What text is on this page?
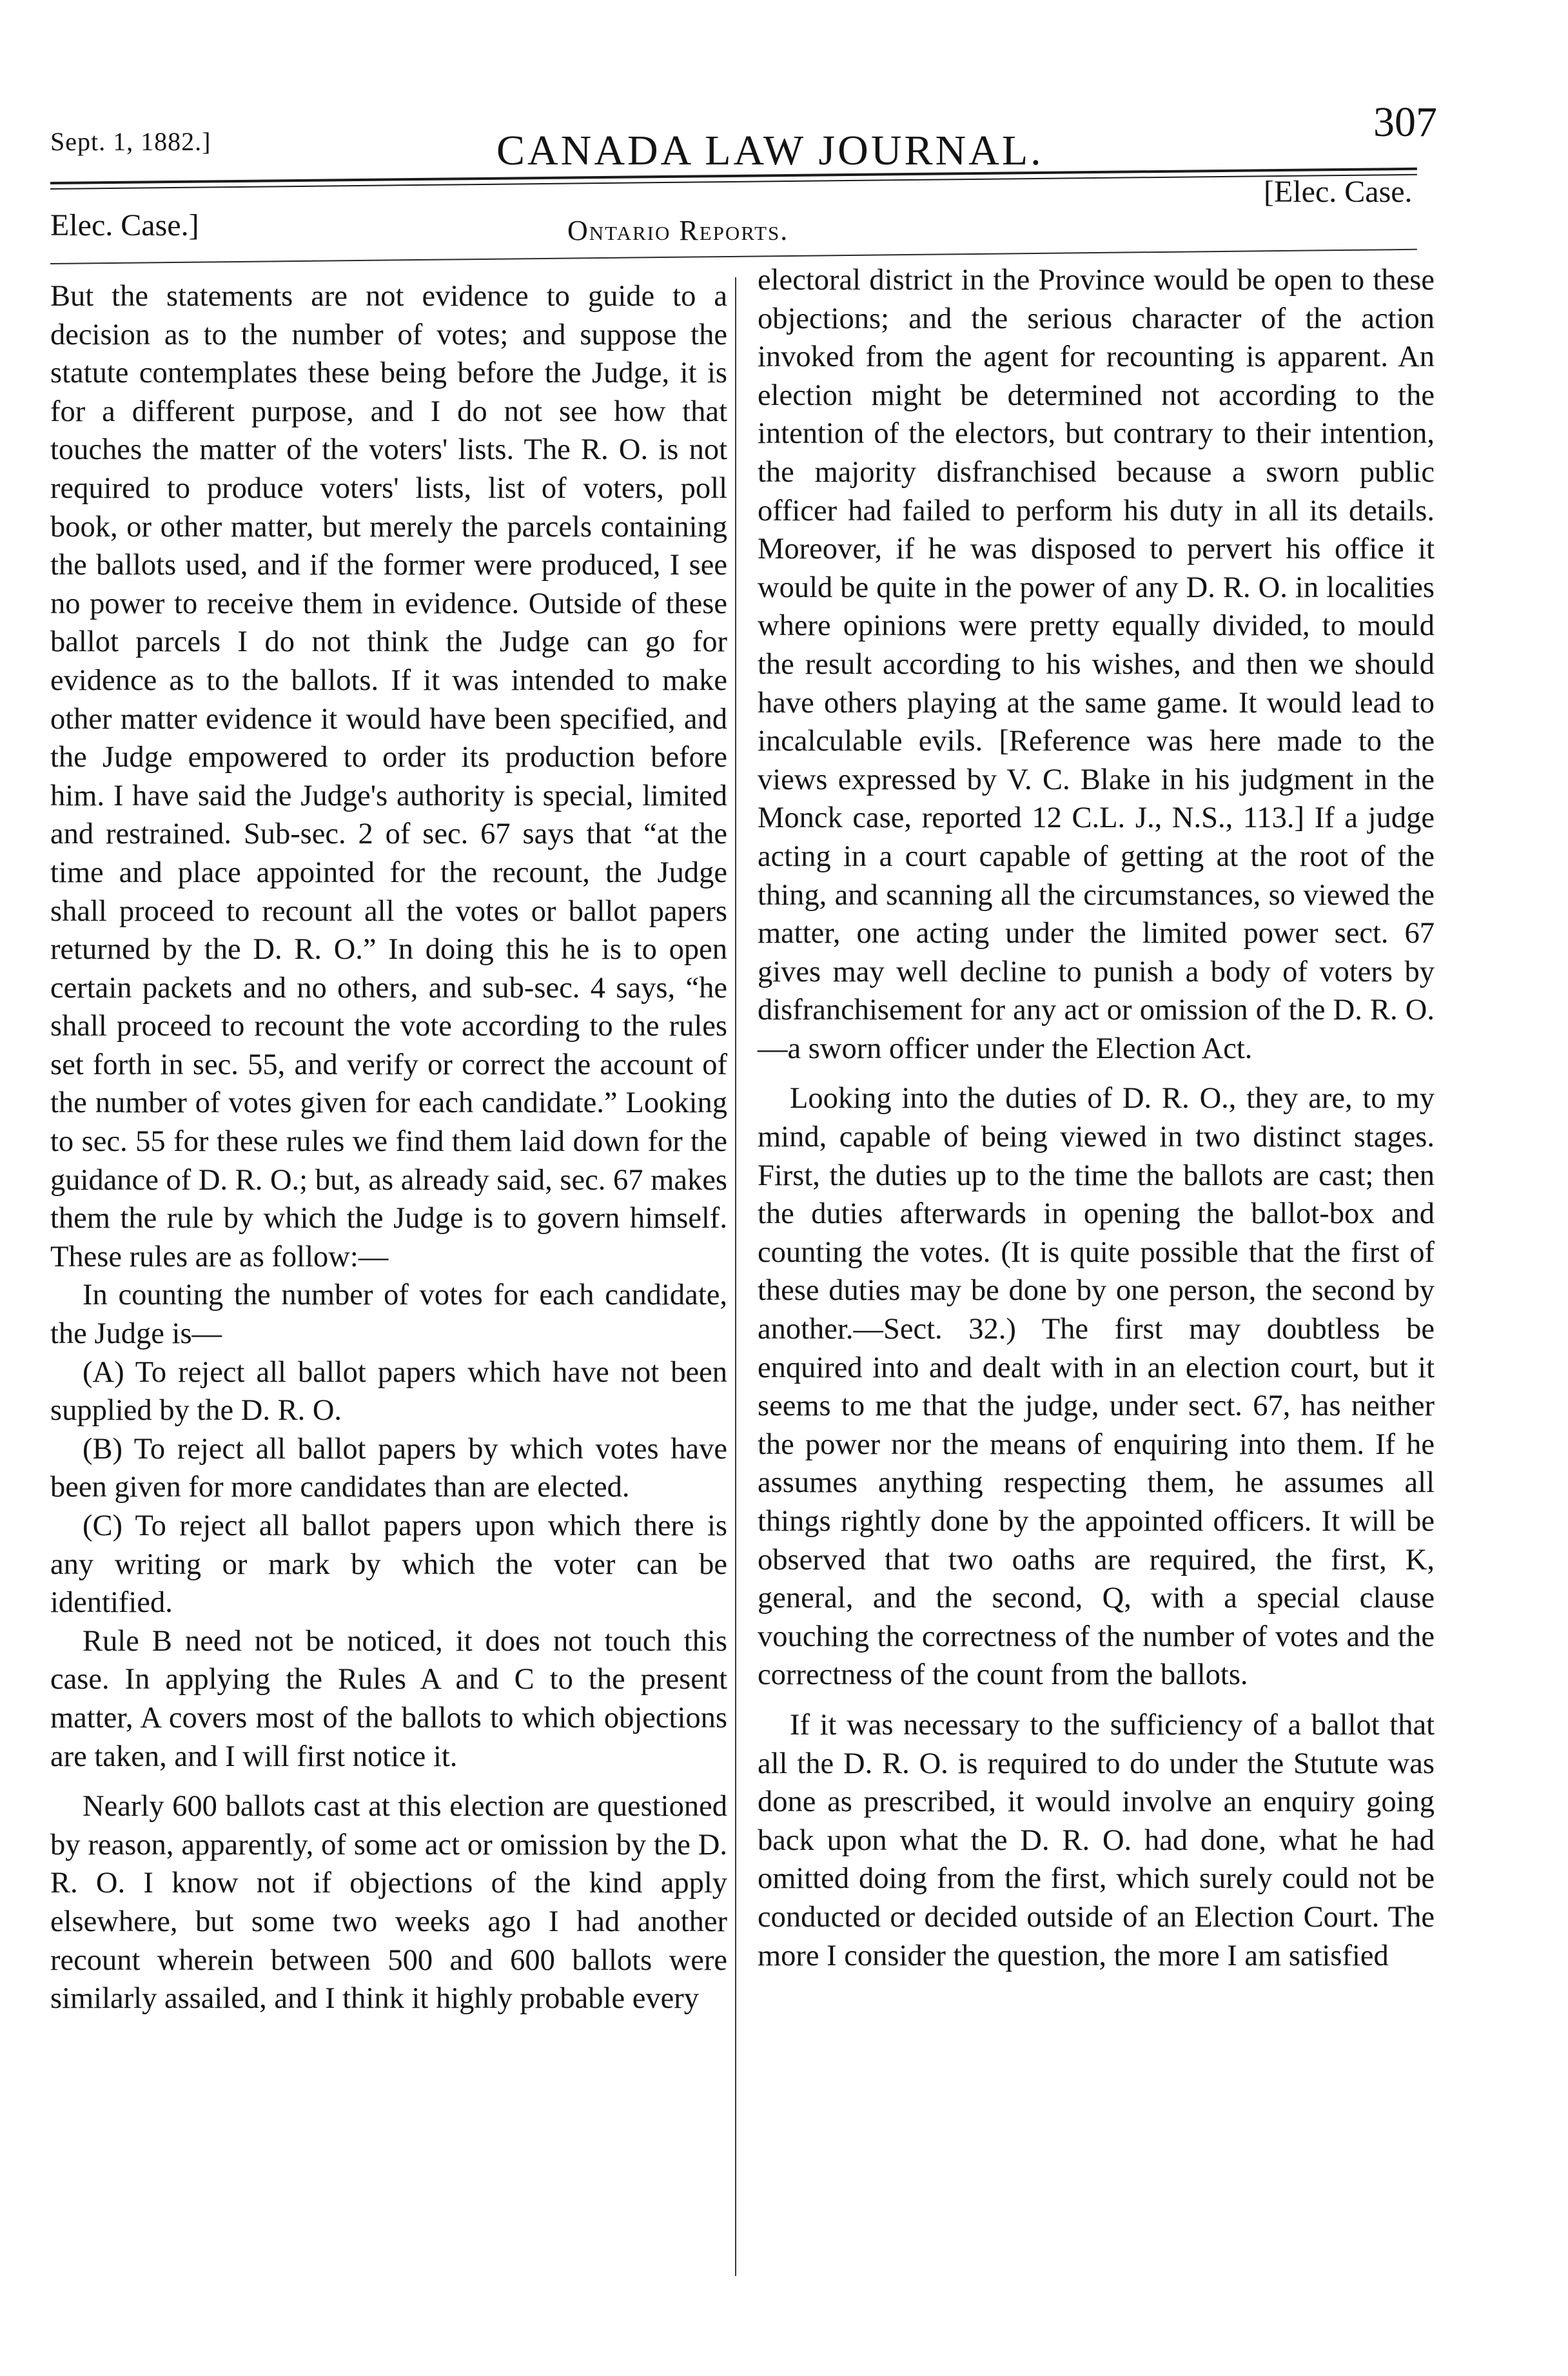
Sept. 1, 1882.]	CANADA LAW JOURNAL.
307
Elec. Case.]	Ontario Reports.
[Elec. Case.

But the statements are not evidence to guide to a decision as to the number of votes; and suppose the statute contemplates these being before the Judge, it is for a different purpose, and I do not see how that touches the matter of the voters' lists. The R. O. is not required to produce voters' lists, list of voters, poll book, or other matter, but merely the parcels containing the ballots used, and if the former were produced, I see no power to receive them in evidence. Outside of these ballot parcels I do not think the Judge can go for evidence as to the ballots. If it was intended to make other matter evidence it would have been specified, and the Judge empowered to order its production before him. I have said the Judge's authority is special, limited and restrained. Sub-sec. 2 of sec. 67 says that “at the time and place appointed for the recount, the Judge shall proceed to recount all the votes or ballot papers returned by the D. R. O.” In doing this he is to open certain packets and no others, and sub-sec. 4 says, “he shall proceed to recount the vote according to the rules set forth in sec. 55, and verify or correct the account of the number of votes given for each candidate.” Looking to sec. 55 for these rules we find them laid down for the guidance of D. R. O.; but, as already said, sec. 67 makes them the rule by which the Judge is to govern himself. These rules are as follow:—

In counting the number of votes for each candidate, the Judge is—

(A) To reject all ballot papers which have not been supplied by the D. R. O.

(B) To reject all ballot papers by which votes have been given for more candidates than are elected.

(C) To reject all ballot papers upon which there is any writing or mark by which the voter can be identified.

Rule B need not be noticed, it does not touch this case. In applying the Rules A and C to the present matter, A covers most of the ballots to which objections are taken, and I will first notice it.

Nearly 600 ballots cast at this election are questioned by reason, apparently, of some act or omission by the D. R. O. I know not if objections of the kind apply elsewhere, but some two weeks ago I had another recount wherein between 500 and 600 ballots were similarly assailed, and I think it highly probable every

electoral district in the Province would be open to these objections; and the serious character of the action invoked from the agent for recounting is apparent. An election might be determined not according to the intention of the electors, but contrary to their intention, the majority disfranchised because a sworn public officer had failed to perform his duty in all its details. Moreover, if he was disposed to pervert his office it would be quite in the power of any D. R. O. in localities where opinions were pretty equally divided, to mould the result according to his wishes, and then we should have others playing at the same game. It would lead to incalculable evils. [Reference was here made to the views expressed by V. C. Blake in his judgment in the Monck case, reported 12 C.L. J., N.S., 113.] If a judge acting in a court capable of getting at the root of the thing, and scanning all the circumstances, so viewed the matter, one acting under the limited power sect. 67 gives may well decline to punish a body of voters by disfranchisement for any act or omission of the D. R. O.—a sworn officer under the Election Act.

Looking into the duties of D. R. O., they are, to my mind, capable of being viewed in two distinct stages. First, the duties up to the time the ballots are cast; then the duties afterwards in opening the ballot-box and counting the votes. (It is quite possible that the first of these duties may be done by one person, the second by another.—Sect. 32.) The first may doubtless be enquired into and dealt with in an election court, but it seems to me that the judge, under sect. 67, has neither the power nor the means of enquiring into them. If he assumes anything respecting them, he assumes all things rightly done by the appointed officers. It will be observed that two oaths are required, the first, K, general, and the second, Q, with a special clause vouching the correctness of the number of votes and the correctness of the count from the ballots.

If it was necessary to the sufficiency of a ballot that all the D. R. O. is required to do under the Stutute was done as prescribed, it would involve an enquiry going back upon what the D. R. O. had done, what he had omitted doing from the first, which surely could not be conducted or decided outside of an Election Court. The more I consider the question, the more I am satisfied
